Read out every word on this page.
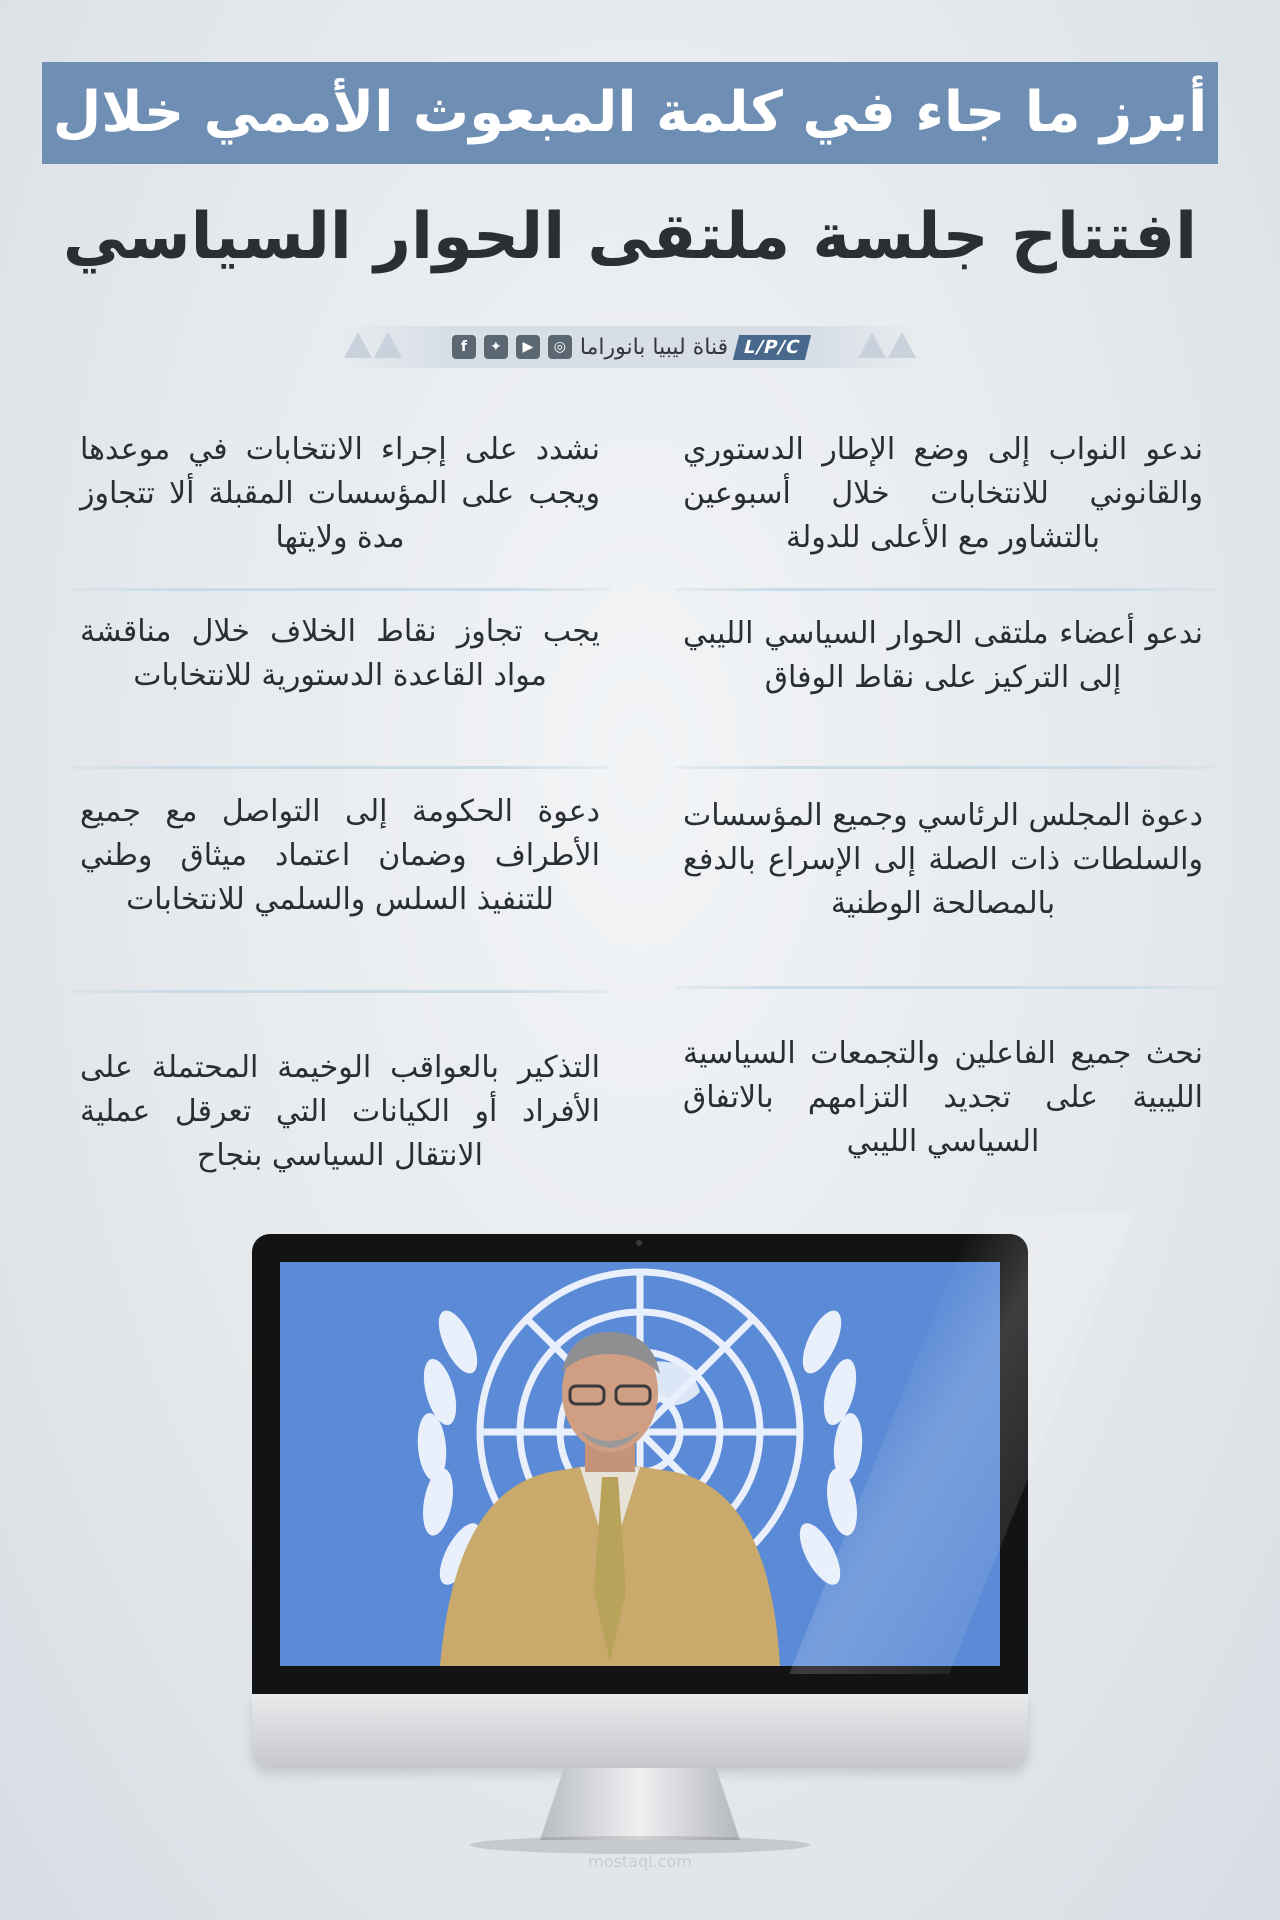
أبرز ما جاء في كلمة المبعوث الأممي خلال
افتتاح جلسة ملتقى الحوار السياسي
L/P/C
قناة ليبيا بانوراما
◎
▶
✦
f
ندعو النواب إلى وضع الإطار الدستوري والقانوني للانتخابات خلال أسبوعين بالتشاور مع الأعلى للدولة
ندعو أعضاء ملتقى الحوار السياسي الليبي إلى التركيز على نقاط الوفاق
دعوة المجلس الرئاسي وجميع المؤسسات والسلطات ذات الصلة إلى الإسراع بالدفع بالمصالحة الوطنية
نحث جميع الفاعلين والتجمعات السياسية الليبية على تجديد التزامهم بالاتفاق السياسي الليبي
نشدد على إجراء الانتخابات في موعدها ويجب على المؤسسات المقبلة ألا تتجاوز مدة ولايتها
يجب تجاوز نقاط الخلاف خلال مناقشة مواد القاعدة الدستورية للانتخابات
دعوة الحكومة إلى التواصل مع جميع الأطراف وضمان اعتماد ميثاق وطني للتنفيذ السلس والسلمي للانتخابات
التذكير بالعواقب الوخيمة المحتملة على الأفراد أو الكيانات التي تعرقل عملية الانتقال السياسي بنجاح
mostaql.com
